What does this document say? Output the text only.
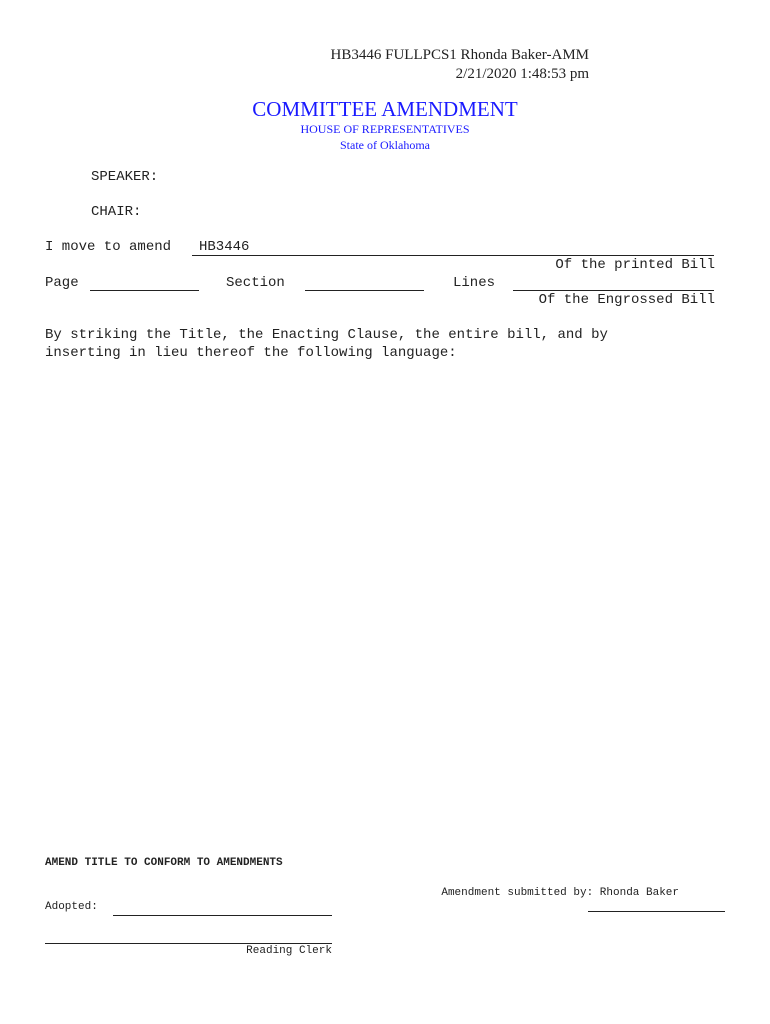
HB3446 FULLPCS1 Rhonda Baker-AMM
2/21/2020 1:48:53 pm
COMMITTEE AMENDMENT
HOUSE OF REPRESENTATIVES
State of Oklahoma
SPEAKER:
CHAIR:
I move to amend HB3446
Of the printed Bill
Page	Section	Lines
Of the Engrossed Bill
By striking the Title, the Enacting Clause, the entire bill, and by
inserting in lieu thereof the following language:
AMEND TITLE TO CONFORM TO AMENDMENTS
Amendment submitted by: Rhonda Baker
Adopted:
Reading Clerk
